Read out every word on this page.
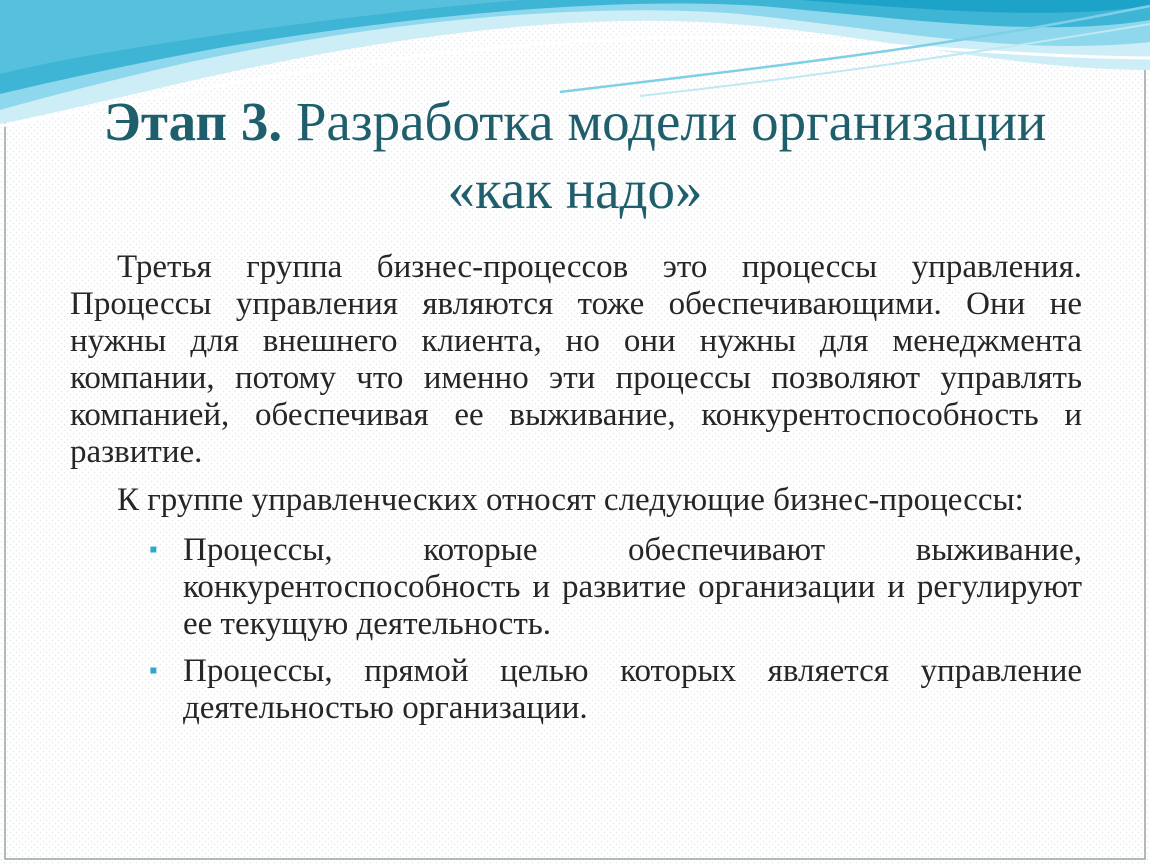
Этап 3. Разработка модели организации «как надо»

Третья группа бизнес-процессов это процессы управления. Процессы управления являются тоже обеспечивающими. Они не нужны для внешнего клиента, но они нужны для менеджмента компании, потому что именно эти процессы позволяют управлять компанией, обеспечивая ее выживание, конкурентоспособность и развитие.

К группе управленческих относят следующие бизнес-процессы:

▪ Процессы, которые обеспечивают выживание, конкурентоспособность и развитие организации и регулируют ее текущую деятельность.
▪ Процессы, прямой целью которых является управление деятельностью организации.
